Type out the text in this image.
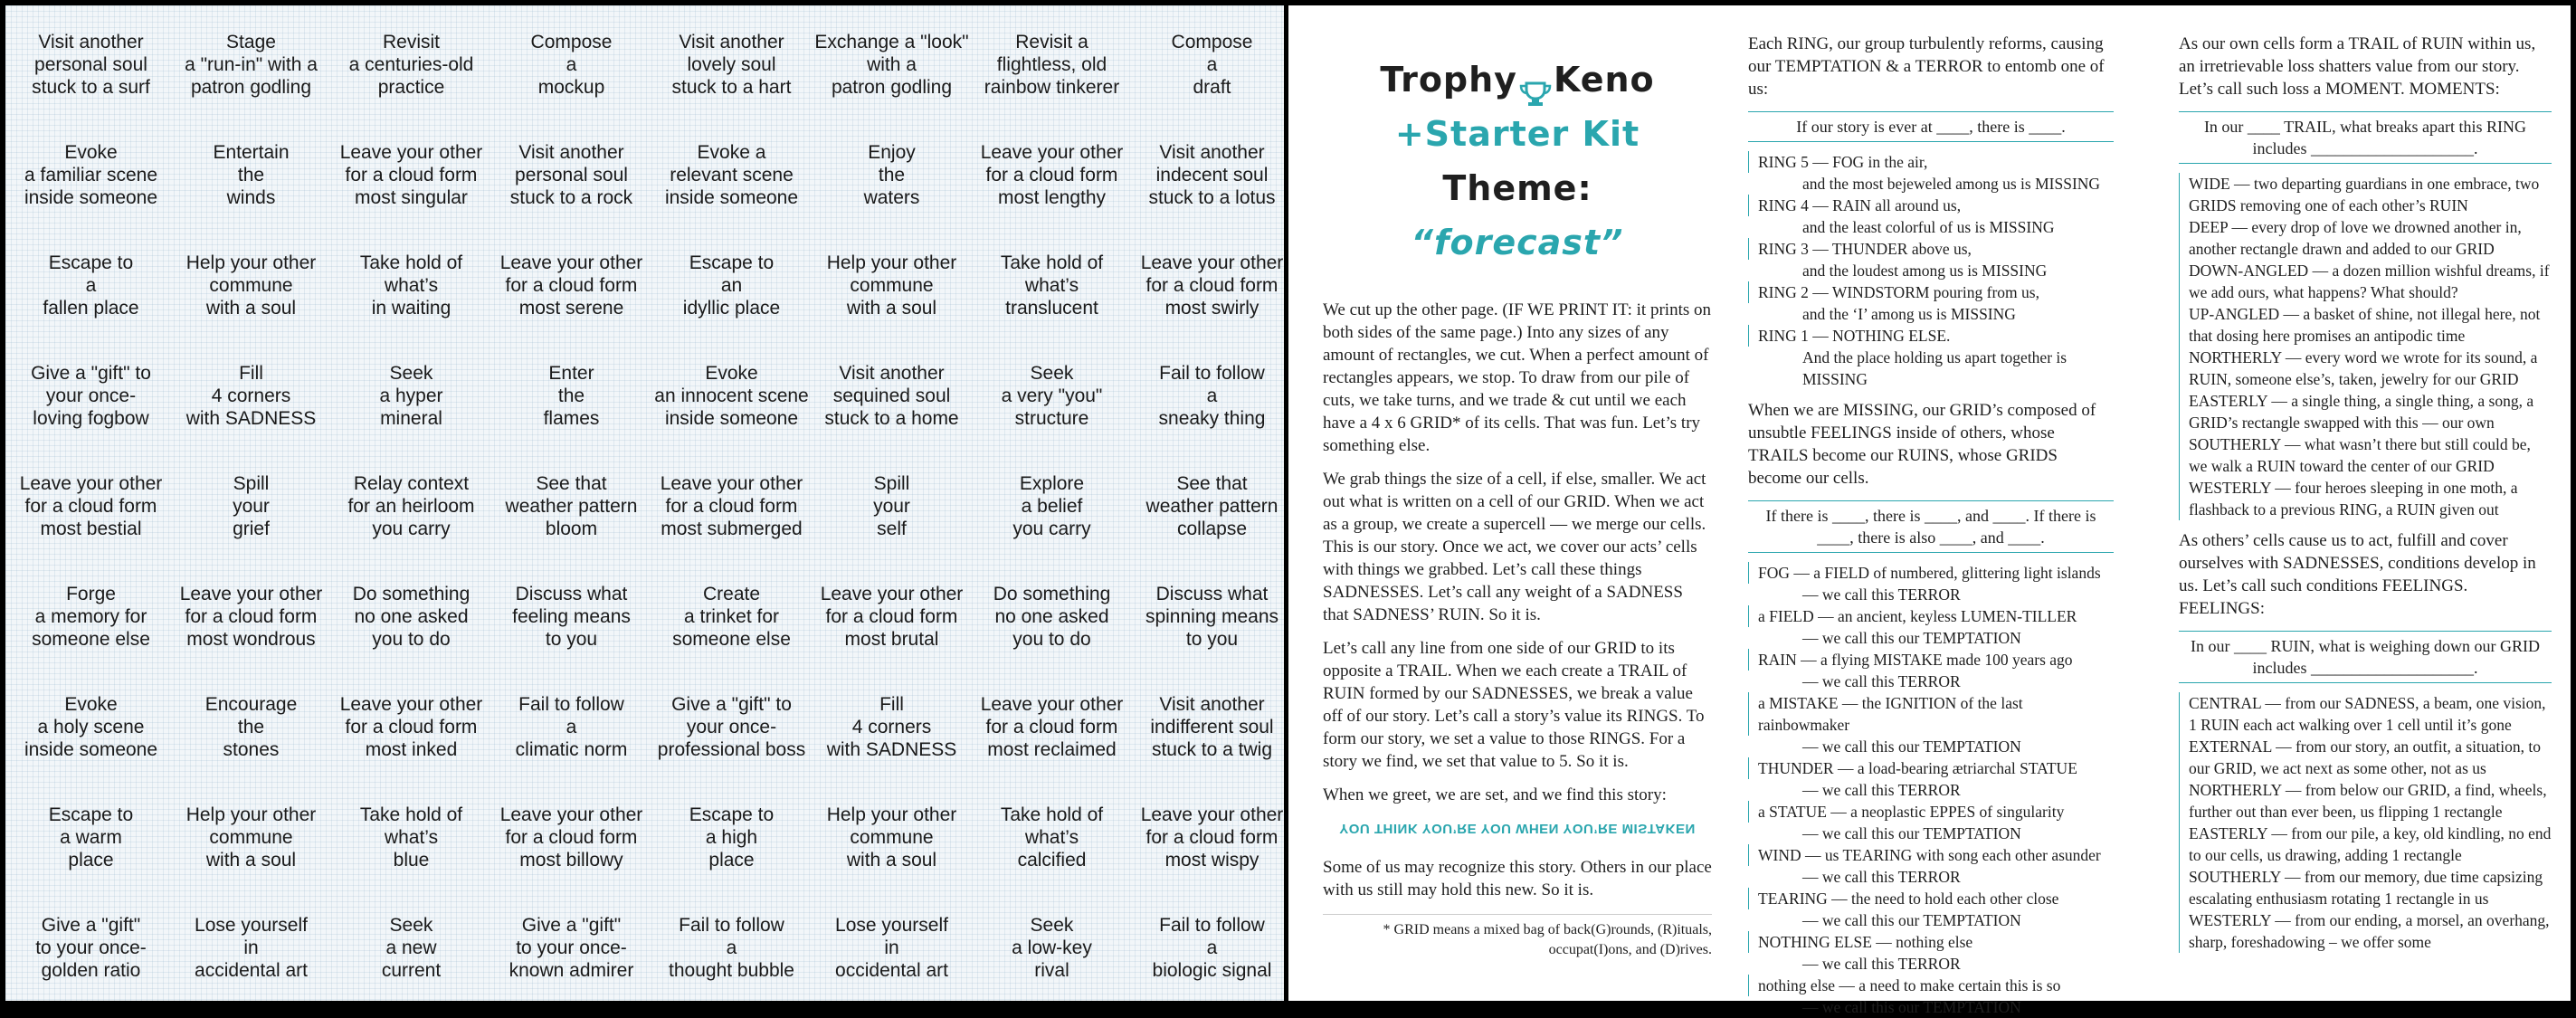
Visit another
personal soul
stuck to a surf
Stage
a "run-in" with a
patron godling
Revisit
a centuries-old
practice
Compose
a
mockup
Visit another
lovely soul
stuck to a hart
Exchange a "look"
with a
patron godling
Revisit a
flightless, old
rainbow tinkerer
Compose
a
draft
Evoke
a familiar scene
inside someone
Entertain
the
winds
Leave your other
for a cloud form
most singular
Visit another
personal soul
stuck to a rock
Evoke a
relevant scene
inside someone
Enjoy
the
waters
Leave your other
for a cloud form
most lengthy
Visit another
indecent soul
stuck to a lotus
Escape to
a
fallen place
Help your other
commune
with a soul
Take hold of
what’s
in waiting
Leave your other
for a cloud form
most serene
Escape to
an
idyllic place
Help your other
commune
with a soul
Take hold of
what’s
translucent
Leave your other
for a cloud form
most swirly
Give a "gift" to
your once-
loving fogbow
Fill
4 corners
with SADNESS
Seek
a hyper
mineral
Enter
the
flames
Evoke
an innocent scene
inside someone
Visit another
sequined soul
stuck to a home
Seek
a very "you"
structure
Fail to follow
a
sneaky thing
Leave your other
for a cloud form
most bestial
Spill
your
grief
Relay context
for an heirloom
you carry
See that
weather pattern
bloom
Leave your other
for a cloud form
most submerged
Spill
your
self
Explore
a belief
you carry
See that
weather pattern
collapse
Forge
a memory for
someone else
Leave your other
for a cloud form
most wondrous
Do something
no one asked
you to do
Discuss what
feeling means
to you
Create
a trinket for
someone else
Leave your other
for a cloud form
most brutal
Do something
no one asked
you to do
Discuss what
spinning means
to you
Evoke
a holy scene
inside someone
Encourage
the
stones
Leave your other
for a cloud form
most inked
Fail to follow
a
climatic norm
Give a "gift" to
your once-
professional boss
Fill
4 corners
with SADNESS
Leave your other
for a cloud form
most reclaimed
Visit another
indifferent soul
stuck to a twig
Escape to
a warm
place
Help your other
commune
with a soul
Take hold of
what’s
blue
Leave your other
for a cloud form
most billowy
Escape to
a high
place
Help your other
commune
with a soul
Take hold of
what’s
calcified
Leave your other
for a cloud form
most wispy
Give a "gift"
to your once-
golden ratio
Lose yourself
in
accidental art
Seek
a new
current
Give a "gift"
to your once-
known admirer
Fail to follow
a
thought bubble
Lose yourself
in
occidental art
Seek
a low-key
rival
Fail to follow
a
biologic signal
Trophy Keno
+Starter Kit
Theme:
“forecast”

We cut up the other page. (IF WE PRINT IT: it prints on both sides of the same page.) Into any sizes of any amount of rectangles, we cut. When a perfect amount of rectangles appears, we stop. To draw from our pile of cuts, we take turns, and we trade & cut until we each have a 4 x 6 GRID* of its cells. That was fun. Let’s try something else.

We grab things the size of a cell, if else, smaller. We act out what is written on a cell of our GRID. When we act as a group, we create a supercell — we merge our cells. This is our story. Once we act, we cover our acts’ cells with things we grabbed. Let’s call these things SADNESSES. Let’s call any weight of a SADNESS that SADNESS’ RUIN. So it is.

Let’s call any line from one side of our GRID to its opposite a TRAIL. When we each create a TRAIL of RUIN formed by our SADNESSES, we break a value off of our story. Let’s call a story’s value its RINGS. To form our story, we set a value to those RINGS. For a story we find, we set that value to 5. So it is.

When we greet, we are set, and we find this story:

YOU THINK YOU’RE YOU WHEN YOU’RE MISTAKEN

Some of us may recognize this story. Others in our place with us still may hold this new. So it is.

* GRID means a mixed bag of back(G)rounds, (R)ituals, occupat(I)ons, and (D)rives.

Each RING, our group turbulently reforms, causing our TEMPTATION & a TERROR to entomb one of us:

If our story is ever at ____, there is ____.
RING 5 — FOG in the air,
and the most bejeweled among us is MISSING
RING 4 — RAIN all around us,
and the least colorful of us is MISSING
RING 3 — THUNDER above us,
and the loudest among us is MISSING
RING 2 — WINDSTORM pouring from us,
and the ‘I’ among us is MISSING
RING 1 — NOTHING ELSE.
And the place holding us apart together is MISSING

When we are MISSING, our GRID’s composed of unsubtle FEELINGS inside of others, whose TRAILS become our RUINS, whose GRIDS become our cells.

If there is ____, there is ____, and ____. If there is ____, there is also ____, and ____.
FOG — a FIELD of numbered, glittering light islands
— we call this TERROR
a FIELD — an ancient, keyless LUMEN-TILLER
— we call this our TEMPTATION
RAIN — a flying MISTAKE made 100 years ago
— we call this TERROR
a MISTAKE — the IGNITION of the last rainbowmaker
— we call this our TEMPTATION
THUNDER — a load-bearing ætriarchal STATUE
— we call this TERROR
a STATUE — a neoplastic EPPES of singularity
— we call this our TEMPTATION
WIND — us TEARING with song each other asunder
— we call this TERROR
TEARING — the need to hold each other close
— we call this our TEMPTATION
NOTHING ELSE — nothing else
— we call this TERROR
nothing else — a need to make certain this is so
— we call this our TEMPTATION

As our own cells form a TRAIL of RUIN within us, an irretrievable loss shatters value from our story. Let’s call such loss a MOMENT. MOMENTS:

In our ____ TRAIL, what breaks apart this RING includes ____________________.
WIDE — two departing guardians in one embrace, two GRIDS removing one of each other’s RUIN
DEEP — every drop of love we drowned another in, another rectangle drawn and added to our GRID
DOWN-ANGLED — a dozen million wishful dreams, if we add ours, what happens? What should?
UP-ANGLED — a basket of shine, not illegal here, not that dosing here promises an antipodic time
NORTHERLY — every word we wrote for its sound, a RUIN, someone else’s, taken, jewelry for our GRID
EASTERLY — a single thing, a single thing, a song, a GRID’s rectangle swapped with this — our own
SOUTHERLY — what wasn’t there but still could be, we walk a RUIN toward the center of our GRID
WESTERLY — four heroes sleeping in one moth, a flashback to a previous RING, a RUIN given out

As others’ cells cause us to act, fulfill and cover ourselves with SADNESSES, conditions develop in us. Let’s call such conditions FEELINGS. FEELINGS:

In our ____ RUIN, what is weighing down our GRID includes ____________________.
CENTRAL — from our SADNESS, a beam, one vision, 1 RUIN each act walking over 1 cell until it’s gone
EXTERNAL — from our story, an outfit, a situation, to our GRID, we act next as some other, not as us
NORTHERLY — from below our GRID, a find, wheels, further out than ever been, us flipping 1 rectangle
EASTERLY — from our pile, a key, old kindling, no end to our cells, us drawing, adding 1 rectangle
SOUTHERLY — from our memory, due time capsizing escalating enthusiasm rotating 1 rectangle in us
WESTERLY — from our ending, a morsel, an overhang, sharp, foreshadowing – we offer some
